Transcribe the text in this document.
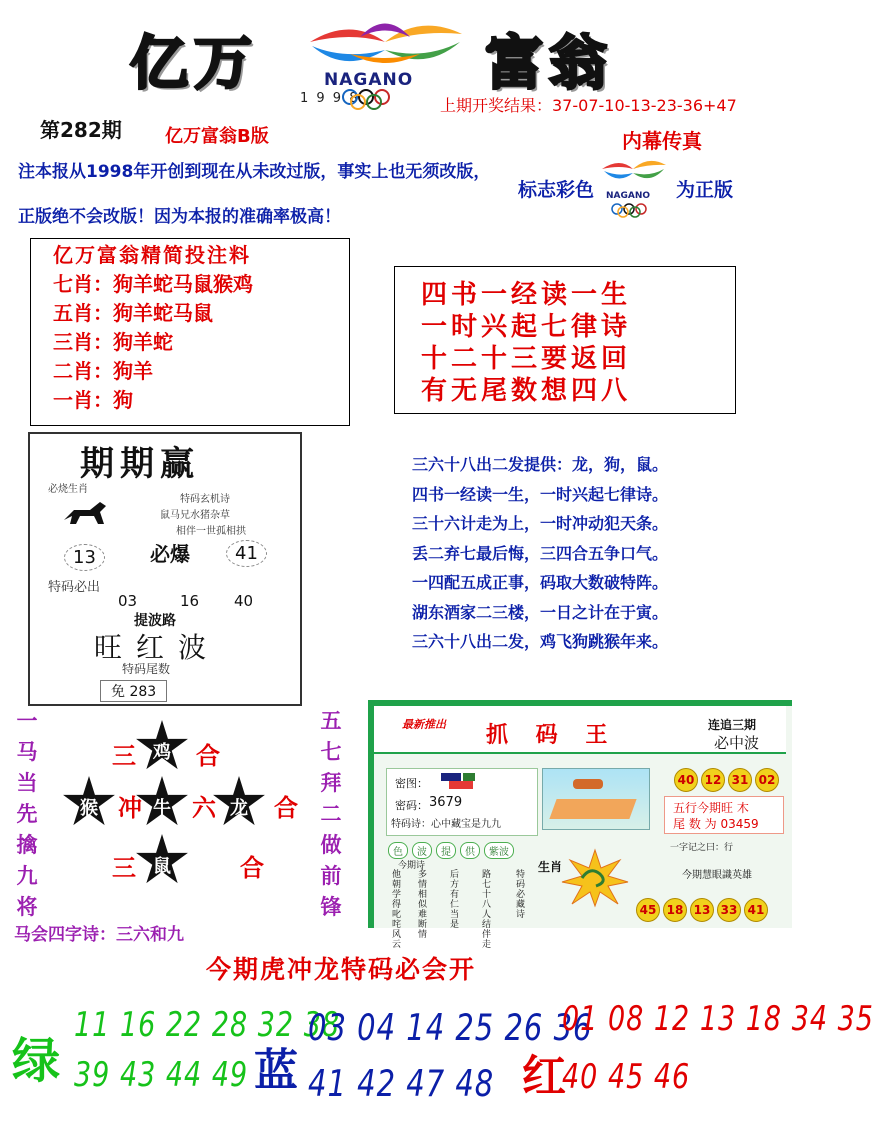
亿万	富翁
NAGANO
1 9 9 8
第282期 亿万富翁B版
上期开奖结果：37-07-10-13-23-36+47
内幕传真
注本报从1998年开创到现在从未改过版，事实上也无须改版，
正版绝不会改版！因为本报的准确率极高！
标志彩色 NAGANO 为正版
亿万富翁精简投注料
七肖：狗羊蛇马鼠猴鸡
五肖：狗羊蛇马鼠
三肖：狗羊蛇
二肖：狗羊
一肖：狗
四书一经读一生
一时兴起七律诗
十二十三要返回
有无尾数想四八
期期赢
必烧生肖
特码玄机诗
鼠马兄水猪杂草
相伴一世孤相拱
13	必爆	41
特码必出
03	16 40
提波路
旺红波
特码尾数
免 283
三六十八出二发提供：龙，狗，鼠。
四书一经读一生，一时兴起七律诗。
三十六计走为上，一时冲动犯天条。
丢二弃七最后悔，三四合五争口气。
一四配五成正事，码取大数破特阵。
湖东酒家二三楼，一日之计在于寅。
三六十八出二发，鸡飞狗跳猴年来。
一
马
当
先
擒
九
将
五
七
拜
二
做
前
锋
鸡
猴	牛	龙
鼠
三	合
冲 六 合
三	合
马会四字诗：三六和九
最新推出 抓 码 王	连追三期
必中波
密图：
密码： 3679
特码诗：心中藏宝是九九
40 12 31 02
五行今期旺 木
尾 数 为 03459
色 波 提 供 紫波
今期诗
他朝学得叱咤风云
多情相似难断情
后方有仁当是
路七十八人结伴走
特码必藏诗
生肖
一字记之曰：行
今期慧眼識英雄
45 18 13 33 41
今期虎冲龙特码必会开
绿
11 16 22 28 32 38
39 43 44 49 蓝
03 04 14 25 26 36
41 42 47 48 红
01 08 12 13 18 34 35
40 45 46
